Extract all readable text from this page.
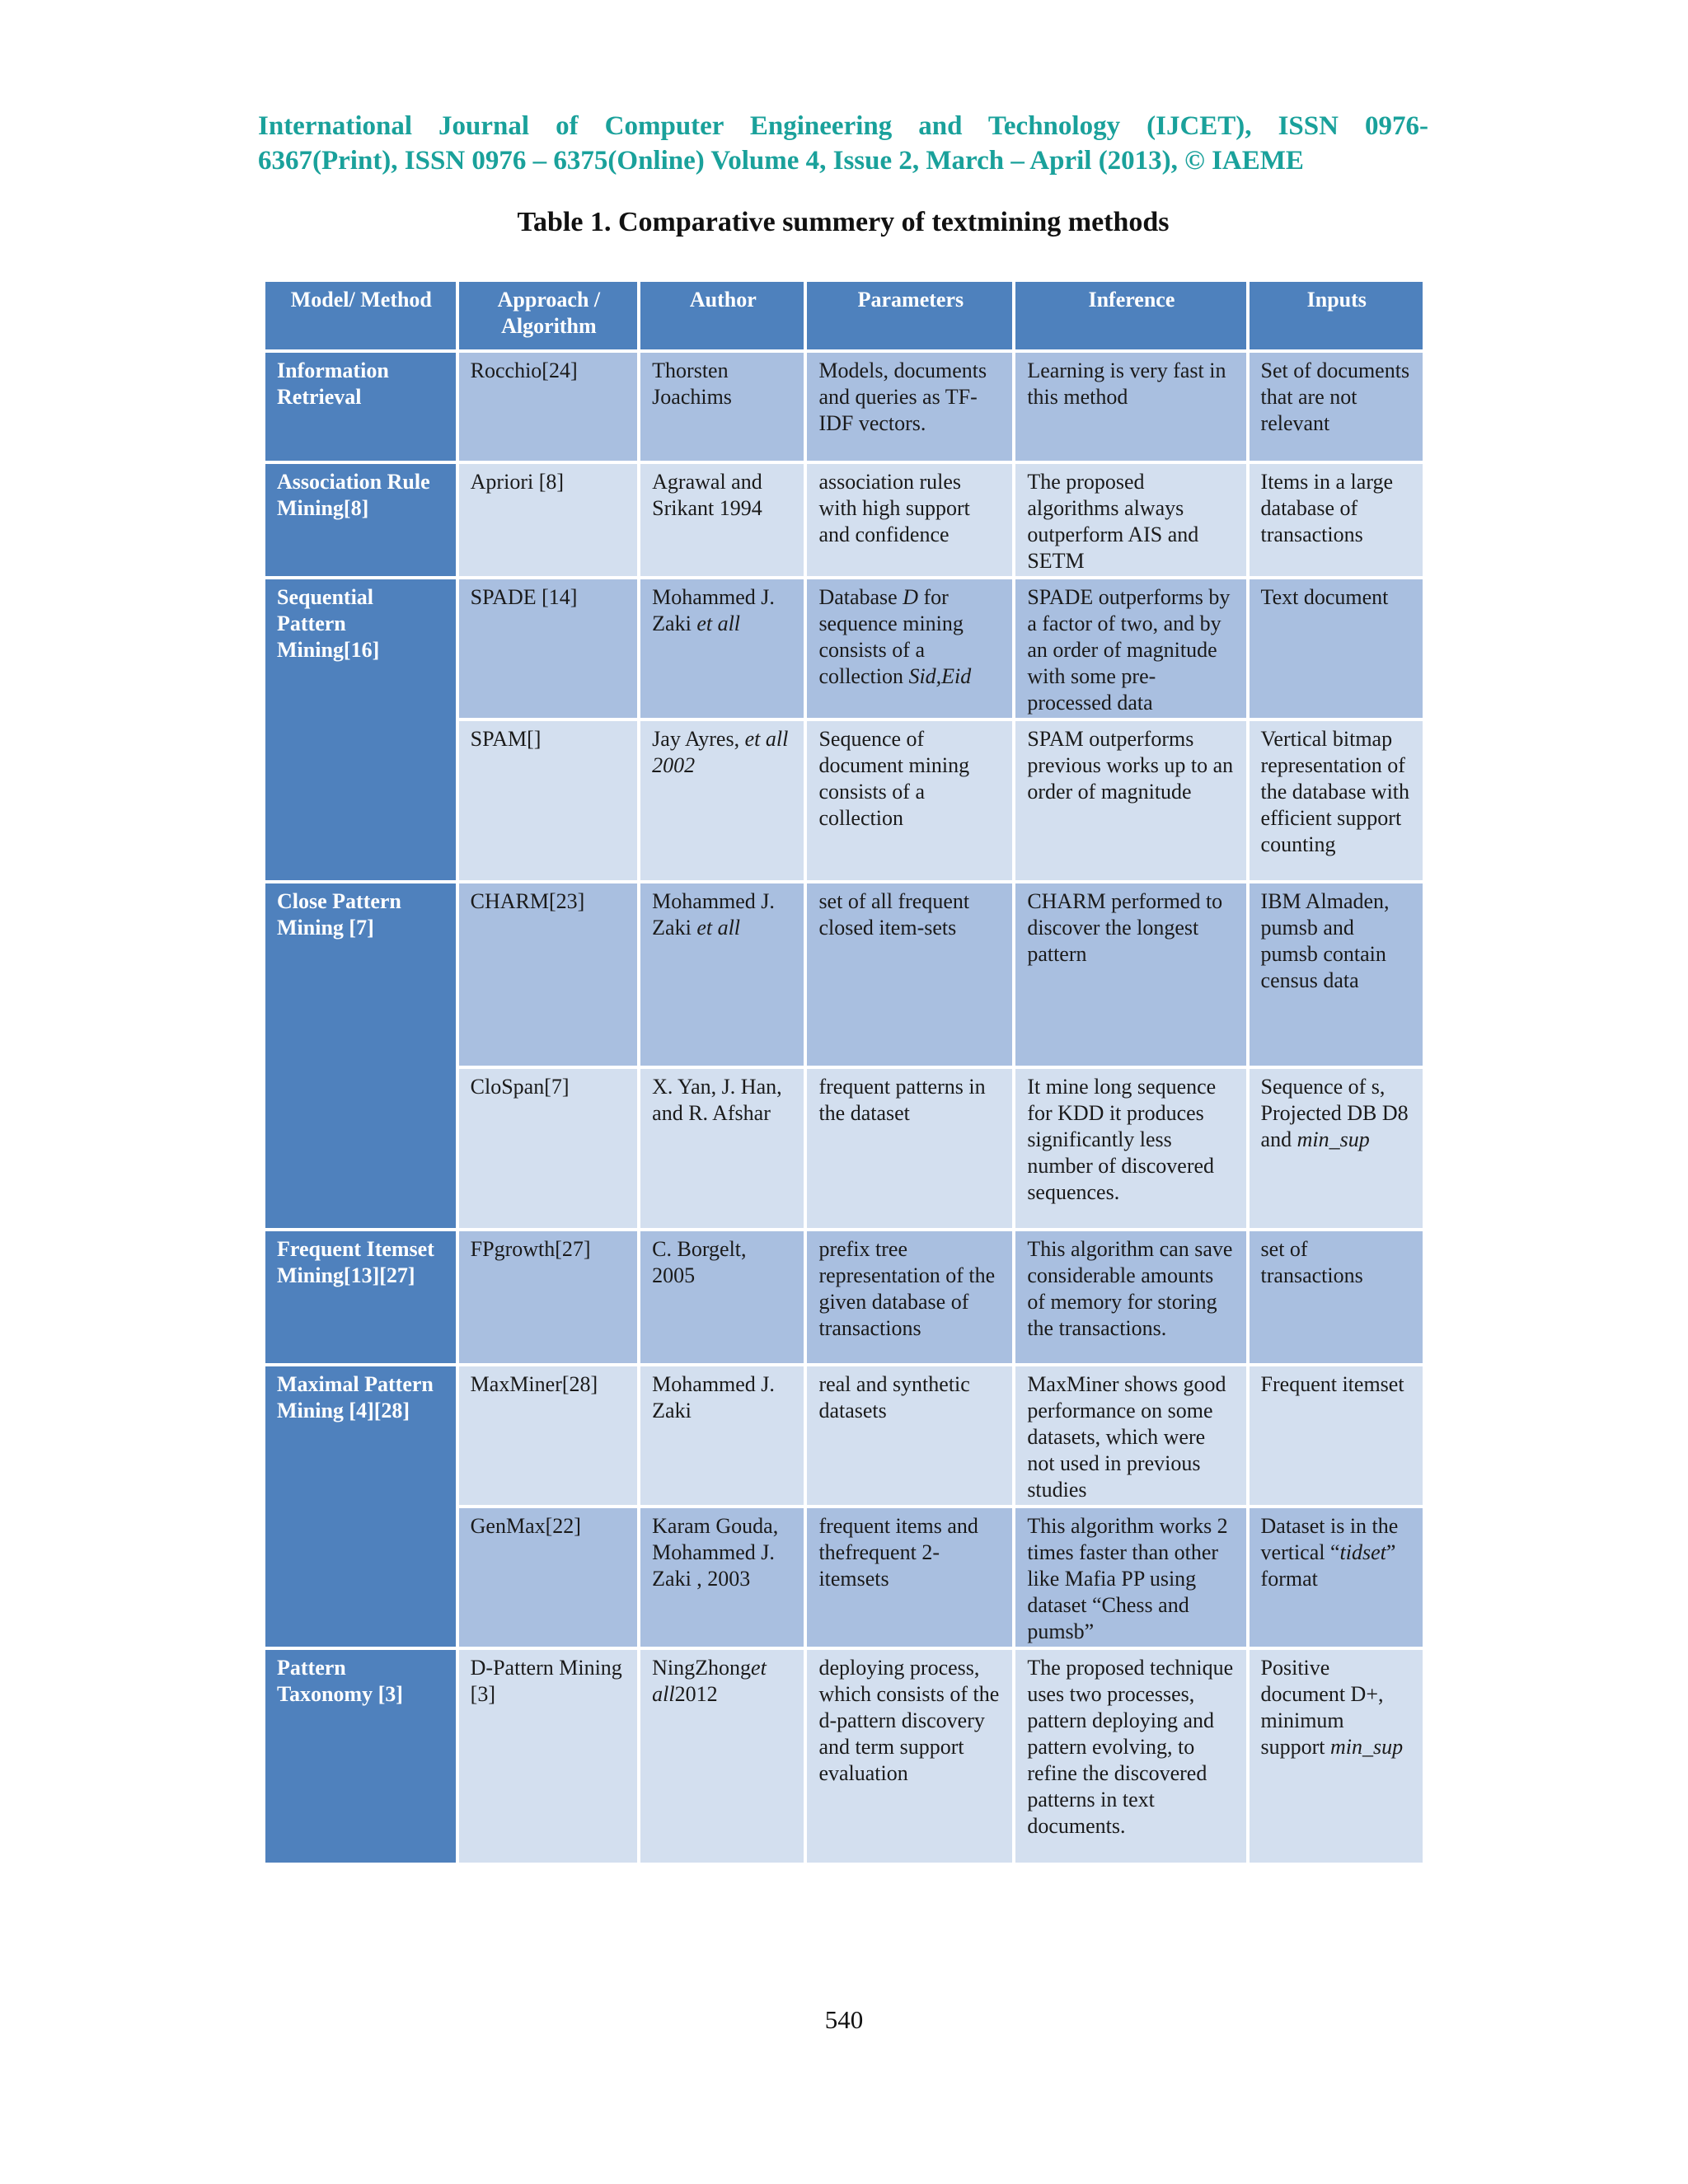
International Journal of Computer Engineering and Technology (IJCET), ISSN 0976-
6367(Print), ISSN 0976 – 6375(Online) Volume 4, Issue 2, March – April (2013), © IAEME
Table 1. Comparative summery of textmining methods
Model/ Method	Approach / Algorithm	Author	Parameters	Inference	Inputs
Information Retrieval	Rocchio[24]	Thorsten Joachims	Models, documents and queries as TF-IDF vectors.	Learning is very fast in this method	Set of documents that are not relevant
Association Rule Mining[8]	Apriori [8]	Agrawal and Srikant 1994	association rules with high support and confidence	The proposed algorithms always outperform AIS and SETM	Items in a large database of transactions
Sequential Pattern Mining[16]	SPADE [14]	Mohammed J. Zaki et all	Database D for sequence mining consists of a collection Sid,Eid	SPADE outperforms by a factor of two, and by an order of magnitude with some pre-processed data	Text document
	SPAM[]	Jay Ayres, et all 2002	Sequence of document mining consists of a collection	SPAM outperforms previous works up to an order of magnitude	Vertical bitmap representation of the database with efficient support counting
Close Pattern Mining [7]	CHARM[23]	Mohammed J. Zaki et all	set of all frequent closed item-sets	CHARM performed to discover the longest pattern	IBM Almaden, pumsb and pumsb contain census data
	CloSpan[7]	X. Yan, J. Han, and R. Afshar	frequent patterns in the dataset	It mine long sequence for KDD it produces significantly less number of discovered sequences.	Sequence of s, Projected DB D8 and min_sup
Frequent Itemset Mining[13][27]	FPgrowth[27]	C. Borgelt, 2005	prefix tree representation of the given database of transactions	This algorithm can save considerable amounts of memory for storing the transactions.	set of transactions
Maximal Pattern Mining [4][28]	MaxMiner[28]	Mohammed J. Zaki	real and synthetic datasets	MaxMiner shows good performance on some datasets, which were not used in previous studies	Frequent itemset
	GenMax[22]	Karam Gouda, Mohammed J. Zaki , 2003	frequent items and thefrequent 2-itemsets	This algorithm works 2 times faster than other like Mafia PP using dataset “Chess and pumsb”	Dataset is in the vertical “tidset” format
Pattern Taxonomy [3]	D-Pattern Mining [3]	NingZhonget all2012	deploying process, which consists of the d-pattern discovery and term support evaluation	The proposed technique uses two processes, pattern deploying and pattern evolving, to refine the discovered patterns in text documents.	Positive document D+, minimum support min_sup
540
